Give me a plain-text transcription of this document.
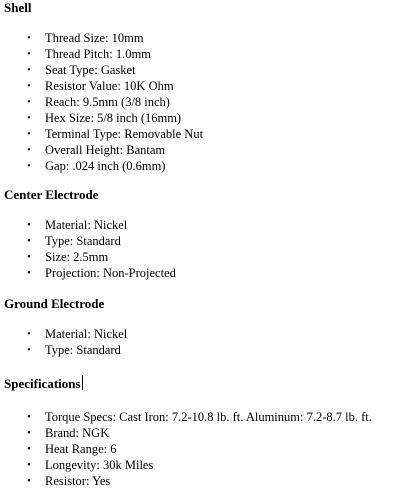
Shell
• Thread Size: 10mm
• Thread Pitch: 1.0mm
• Seat Type: Gasket
• Resistor Value: 10K Ohm
• Reach: 9.5mm (3/8 inch)
• Hex Size: 5/8 inch (16mm)
• Terminal Type: Removable Nut
• Overall Height: Bantam
• Gap: .024 inch (0.6mm)
Center Electrode
• Material: Nickel
• Type: Standard
• Size: 2.5mm
• Projection: Non-Projected
Ground Electrode
• Material: Nickel
• Type: Standard
Specifications
• Torque Specs: Cast Iron: 7.2-10.8 lb. ft. Aluminum: 7.2-8.7 lb. ft.
• Brand: NGK
• Heat Range: 6
• Longevity: 30k Miles
• Resistor: Yes
